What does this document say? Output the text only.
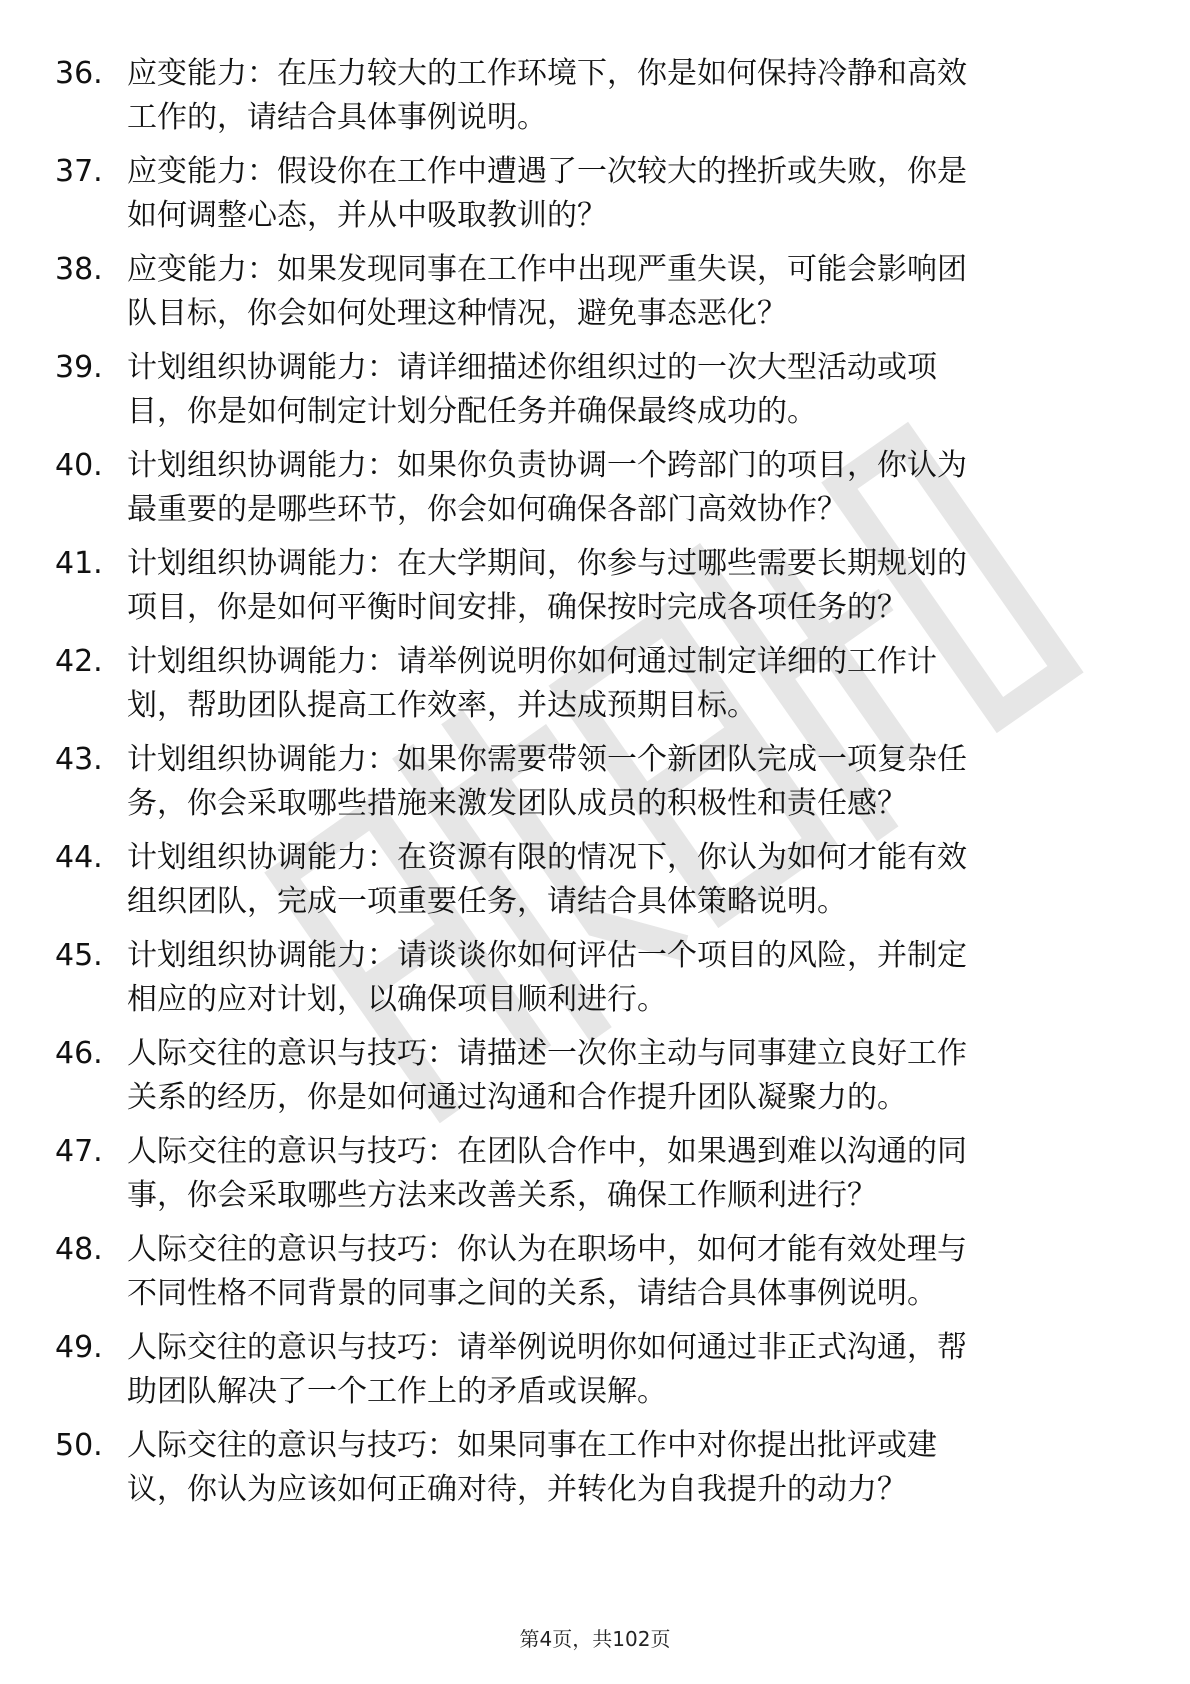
36. 应变能力：在压力较大的工作环境下，你是如何保持冷静和高效
工作的，请结合具体事例说明。
37. 应变能力：假设你在工作中遭遇了一次较大的挫折或失败，你是
如何调整心态，并从中吸取教训的？
38. 应变能力：如果发现同事在工作中出现严重失误，可能会影响团
队目标，你会如何处理这种情况，避免事态恶化？
39. 计划组织协调能力：请详细描述你组织过的一次大型活动或项
目，你是如何制定计划分配任务并确保最终成功的。
40. 计划组织协调能力：如果你负责协调一个跨部门的项目，你认为
最重要的是哪些环节，你会如何确保各部门高效协作？
41. 计划组织协调能力：在大学期间，你参与过哪些需要长期规划的
项目，你是如何平衡时间安排，确保按时完成各项任务的？
42. 计划组织协调能力：请举例说明你如何通过制定详细的工作计
划，帮助团队提高工作效率，并达成预期目标。
43. 计划组织协调能力：如果你需要带领一个新团队完成一项复杂任
务，你会采取哪些措施来激发团队成员的积极性和责任感？
44. 计划组织协调能力：在资源有限的情况下，你认为如何才能有效
组织团队，完成一项重要任务，请结合具体策略说明。
45. 计划组织协调能力：请谈谈你如何评估一个项目的风险，并制定
相应的应对计划，以确保项目顺利进行。
46. 人际交往的意识与技巧：请描述一次你主动与同事建立良好工作
关系的经历，你是如何通过沟通和合作提升团队凝聚力的。
47. 人际交往的意识与技巧：在团队合作中，如果遇到难以沟通的同
事，你会采取哪些方法来改善关系，确保工作顺利进行？
48. 人际交往的意识与技巧：你认为在职场中，如何才能有效处理与
不同性格不同背景的同事之间的关系，请结合具体事例说明。
49. 人际交往的意识与技巧：请举例说明你如何通过非正式沟通，帮
助团队解决了一个工作上的矛盾或误解。
50. 人际交往的意识与技巧：如果同事在工作中对你提出批评或建
议，你认为应该如何正确对待，并转化为自我提升的动力？
第4页，共102页
